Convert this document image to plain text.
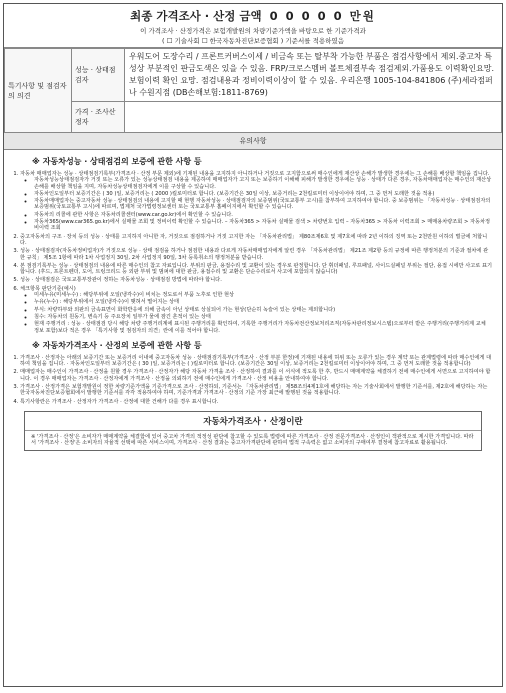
최종 가격조사 · 산정 금액 0 0 0 0 0 만원
이 가격조사 · 산정가격은 보험개발원의 차량기준가액을 바탕으로 한 기준가격과
( ☐ 기술사회 ☐ 한국자동차진단보증협회 ) 기준서를 적용하였음
특기사항 및 점검자의 의견	성능 · 상태점검자	우워도어 도장수리 / 프론트커버스이세 / 비금속 또는 탈부착 가능한 부품은 점검사항에서 제외.중고차 특성상 부분적인 판금도색은 있을 수 있음. FRP/크로스멤버 볼트체결부속 점검제외.가품용도 이력확인요망.보험이력 확인 요망. 점검내용과 정비이력이상이 할 수 있음. 우리은행 1005-104-841806 (주)세라점퍼나 수원지점 (DB손해보험:1811-8769)
	가격 · 조사산정자	
유의사항
※ 자동차성능 · 상태점검의 보증에 관한 사항 등
1. 자동차 매매업자는 성능 · 상태점검기록부(가격조사 · 산정 부문 제외)에 기재된 내용을 고지하지 아니하거나 거짓으로 고지함으로써 매수인에게 재산상 손해가 발생한 경우에는 그 손해를 배상할 책임을 집니다.
◦ 자동차성능상태점검자가 거짓 또는 오류가 있는 성능상태점검 내용을 제공하여 매매업자가 고지 또는 보증하기 이해해 피해가 발생한 경우에는 성능 · 상태가 다른 경우, 자동차매매업자는 매수인의 재산상 손해를 배상할 책임을 지며, 자동차성능상태점검자에게 이를 구상할 수 있습니다.
◦ 자동차인도일부터 보증기간은 ( 30 )일, 보증거리는 ( 2000 )킬로미터로 합니다. (보증기간은 30일 이상, 보증거리는 2천킬로미터 이상이어야 하며, 그 중 먼저 도래한 것을 적용)
◦ 자동차매매업자는 중고자동차 성능 · 상태점검의 내용에 고지할 때 현행 자동차성능 · 상태점검자의 보증범위(국토교통부 고시)를 참부하여 고지하여야 합니다. 중 보증범위는 「자동차성능 · 상태점검자의 보증범위(국토교통부 고시)에 따르며, 법제처 국가법령정보센터 또는 국토교통부 홈페이지에서 확인할 수 있습니다.
◦ 자동차의 리콜에 관한 사항은 자동차리콜센터(www.car.go.kr)에서 확인할 수 있습니다.
◦ 자동차365(www.car365.go.kr)에서 실매물 조회 및 정비이력 확인할 수 있습니다. – 자동차365 > 자동차 실매물 검색 > 차량번호 입력 – 자동차365 > 자동차 이력조회 > 매매용차량조회 > 자동차정비이력 조회
2. 중고자동차의 구조 · 장치 등의 성능 · 상태를 고지하지 아니한 자, 거짓으로 점검하거나 거짓 고지한 자는 「자동차관리법」 제80조제6호 및 제7호에 따라 2년 이하의 징역 또는 2천만원 이하의 벌금에 처합니다.
3. 성능 · 상태점검자(자동차정비업자)가 거짓으로 성능 · 상태 점검을 하거나 점검한 내용과 다르게 자동차매매업자에게 알린 경우 「자동차관리법」 제21조 제2항 등의 규정에 따른 행정처분의 기준과 절차에 관한 규칙」 제5조 1항에 따라 1차 사업정지 30일, 2차 사업정지 90일, 3차 등록취소의 행정처분을 받습니다.
4. 본 점검기록부는 성능 · 상태점검의 내용에 따른 매수인의 참고 자료입니다. 부위의 판금, 용접수리 및 교환이 있는 경우로 판정합니다. 단 휘더패널, 루프패널, 사이드실패널 부위는 절단, 용접 시에만 사고로 표기합니다. (후드, 프론트펜더, 도어, 트렁크리드 등 외판 부위 및 범퍼에 대한 판금, 용접수리 및 교환은 단순수리로서 사고에 포함되지 않습니다)
5. 성능 · 상태점검은 국토교통부장관이 정하는 자동차성능 · 상태점검 방법에 따라야 합니다.
6. 체크항목 판단기준(예시)
◦ 미세누유(미세누수) : 해당부위에 오일(냉각수)이 비치는 정도로서 부품 노후로 인한 현상
◦ 누유(누수) : 해당부위에서 오일(냉각수)이 맺혀서 떨어지는 상태
◦ 부식: 차량하부와 외판의 금속표면이 화학반응에 의해 금속이 아닌 상태로 상실되어 가는 현상(단순히 녹슬어 있는 상태는 제외합니다)
◦ 침수: 자동차의 원동기, 변속기 등 주요장치 일부가 물에 잠긴 흔적이 있는 상태
◦ 현재 주행거리 : 성능 · 상태점검 당시 해당 차량 주행거리계에 표시된 주행거리를 확인하여, 기록한 주행거리가 자동차전산정보처리조직(자동차관리정보시스템)으로부터 받은 주행거리(주행거리계 교체 정보 포함)보다 적은 경우 「특기사항 및 점검자의 의견」란에 이를 적어야 합니다.
※ 자동차가격조사 · 산정의 보증에 관한 사항 등
1. 가격조사 · 산정자는 아래의 보증기간 또는 보증거리 이내에 중고자동차 성능 · 상태점검기록부(가격조사 · 산정 부분 한정)에 기재된 내용에 허위 또는 오류가 있는 경우 계약 또는 관계법령에 따라 매수인에게 대하여 책임을 집니다. · 자동차인도일부터 보증기간은 ( 30 )일, 보증거리는 ( )킬로미터로 합니다. (보증기간은 30일 이상, 보증거리는 2천킬로미터 이상이어야 하며, 그 중 먼저 도래한 것을 적용합니다)
2. 매매업자는 매수인이 가격조사 · 산정을 원할 경우 가격조사 · 산정자가 해당 자동차 가격을 조사 · 산정하여 결과를 이 서식에 적도록 한 후, 반드시 매매계약을 체결하기 전에 매수인에게 서면으로 고지하여야 합니다. 이 경우 매매업자는 가격조사 · 산정자에게 가격조사 · 산정을 의뢰하기 전에 매수인에게 가격조사 · 산정 비용을 안내하여야 합니다.
3. 가격조사 · 산정가격은 보험개발원이 정한 차량기준가액을 기준가격으로 조사 · 산정하되, 기준서는 「자동차관리법」 제58조의4제1호에 해당하는 자는 기술사회에서 발행한 기준서를, 제2호에 해당하는 자는 한국자동차진단보증협회에서 발행한 기준서를 각각 적용하여야 하며, 기준가격과 가격조사 · 산정의 기준 가장 최근에 발행된 것을 적용합니다.
4. 특기사항란은 가격조사 · 산정자가 가격조사 · 산정에 대한 건해가 다를 경우 표시합니다.
자동차가격조사 · 산정이란
※ '가격조사 · 산정'은 소비자가 매매계약을 체결함에 있어 중고차 가격의 적정성 판단에 참고할 수 있도록 법령에 따른 가격조사 · 산정 전문가격조사 · 산정인이 객관적으로 제시한 가격입니다. 따라서 '가격조사 · 산정'은 소비자의 자율적 선택에 따른 서비스이며, 가격조사 · 산정 결과는 중고자가격판단에 관하여 법적 구속력은 없고 소비자의 구매여부 결정에 참고자료로 활용됩니다.
